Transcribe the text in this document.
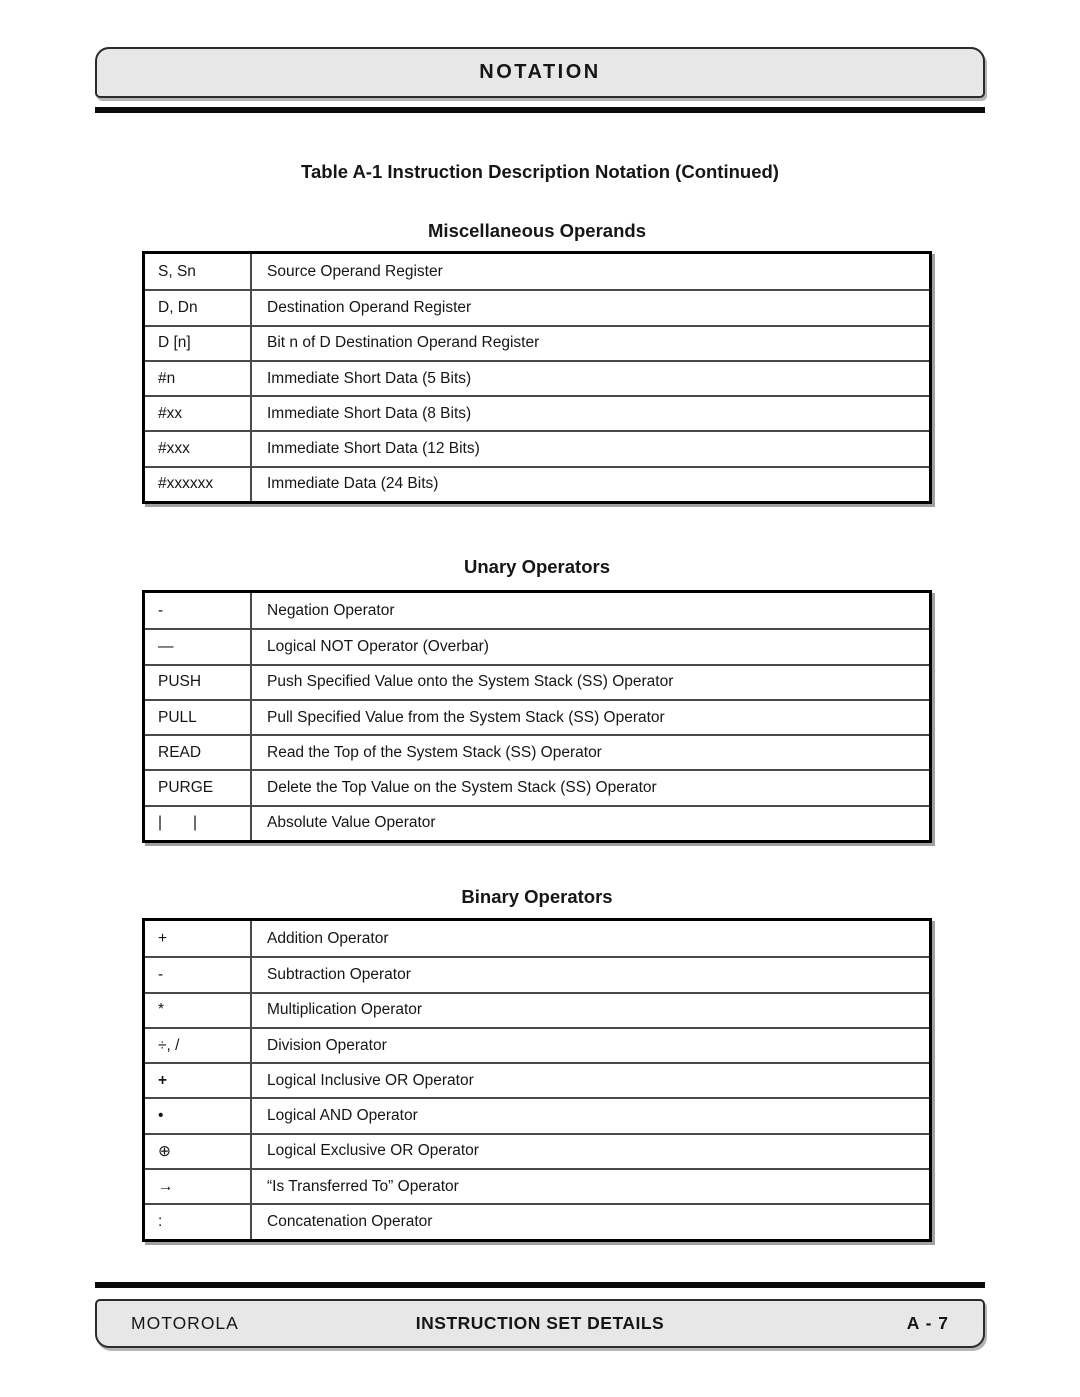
NOTATION
Table A-1 Instruction Description Notation (Continued)
Miscellaneous Operands
S, Sn	Source Operand Register
D, Dn	Destination Operand Register
D [n]	Bit n of D Destination Operand Register
#n	Immediate Short Data (5 Bits)
#xx	Immediate Short Data (8 Bits)
#xxx	Immediate Short Data (12 Bits)
#xxxxxx	Immediate Data (24 Bits)
Unary Operators
-	Negation Operator
—	Logical NOT Operator (Overbar)
PUSH	Push Specified Value onto the System Stack (SS) Operator
PULL	Pull Specified Value from the System Stack (SS) Operator
READ	Read the Top of the System Stack (SS) Operator
PURGE	Delete the Top Value on the System Stack (SS) Operator
|  |	Absolute Value Operator
Binary Operators
+	Addition Operator
-	Subtraction Operator
*	Multiplication Operator
÷, /	Division Operator
+	Logical Inclusive OR Operator
•	Logical AND Operator
⊕	Logical Exclusive OR Operator
→	“Is Transferred To” Operator
:	Concatenation Operator
MOTOROLA	INSTRUCTION SET DETAILS	A - 7
